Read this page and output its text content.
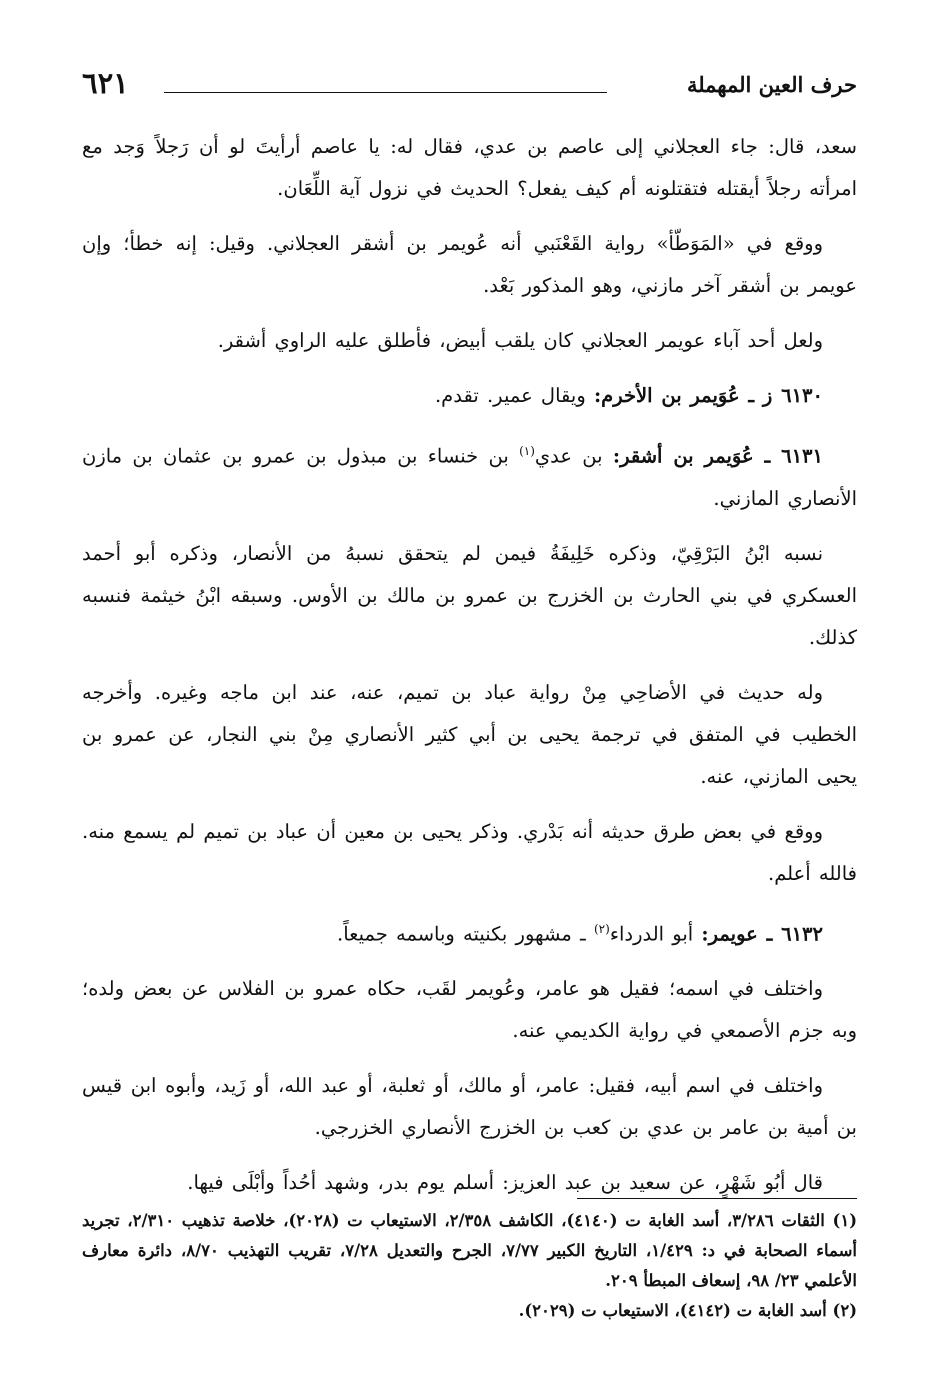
حرف العين المهملة
٦٢١

سعد، قال: جاء العجلاني إلى عاصم بن عدي، فقال له: يا عاصم أرأيتَ لو أن رَجلاً وَجد مع امرأته رجلاً أيقتله فتقتلونه أم كيف يفعل؟ الحديث في نزول آية اللِّعَان.

ووقع في «المَوَطّأ» رواية القَعْنَبي أنه عُويمر بن أشقر العجلاني. وقيل: إنه خطأ؛ وإن عويمر بن أشقر آخر مازني، وهو المذكور بَعْد.

ولعل أحد آباء عويمر العجلاني كان يلقب أبيض، فأطلق عليه الراوي أشقر.

٦١٣٠ ز ـ عُوَيمر بن الأخرم: ويقال عمير. تقدم.

٦١٣١ ـ عُوَيمر بن أشقر: بن عدي$^{(١)}$ بن خنساء بن مبذول بن عمرو بن عثمان بن مازن الأنصاري المازني.

نسبه ابْنُ البَرْقِيّ، وذكره خَلِيفَةُ فيمن لم يتحقق نسبهُ من الأنصار، وذكره أبو أحمد العسكري في بني الحارث بن الخزرج بن عمرو بن مالك بن الأوس. وسبقه ابْنُ خيثمة فنسبه كذلك.

وله حديث في الأضاحِي مِنْ رواية عباد بن تميم، عنه، عند ابن ماجه وغيره. وأخرجه الخطيب في المتفق في ترجمة يحيى بن أبي كثير الأنصاري مِنْ بني النجار، عن عمرو بن يحيى المازني، عنه.

ووقع في بعض طرق حديثه أنه بَدْري. وذكر يحيى بن معين أن عباد بن تميم لم يسمع منه. فالله أعلم.

٦١٣٢ ـ عويمر: أبو الدرداء$^{(٢)}$ ـ مشهور بكنيته وباسمه جميعاً.

واختلف في اسمه؛ فقيل هو عامر، وعُويمر لقَب، حكاه عمرو بن الفلاس عن بعض ولده؛ وبه جزم الأصمعي في رواية الكديمي عنه.

واختلف في اسم أبيه، فقيل: عامر، أو مالك، أو ثعلبة، أو عبد الله، أو زَيد، وأبوه ابن قيس بن أمية بن عامر بن عدي بن كعب بن الخزرج الأنصاري الخزرجي.

قال أبُو شَهْرٍ، عن سعيد بن عبد العزيز: أسلم يوم بدر، وشهد أحُداً وأبْلَى فيها.

(١) الثقات ٣/٢٨٦، أسد الغابة ت (٤١٤٠)، الكاشف ٢/٣٥٨، الاستيعاب ت (٢٠٢٨)، خلاصة تذهيب ٢/٣١٠، تجريد أسماء الصحابة في د: ١/٤٢٩، التاريخ الكبير ٧/٧٧، الجرح والتعديل ٧/٢٨، تقريب التهذيب ٨/٧٠، دائرة معارف الأعلمي ٢٣/ ٩٨، إسعاف المبطأ ٢٠٩.

(٢) أسد الغابة ت (٤١٤٢)، الاستيعاب ت (٢٠٢٩).
